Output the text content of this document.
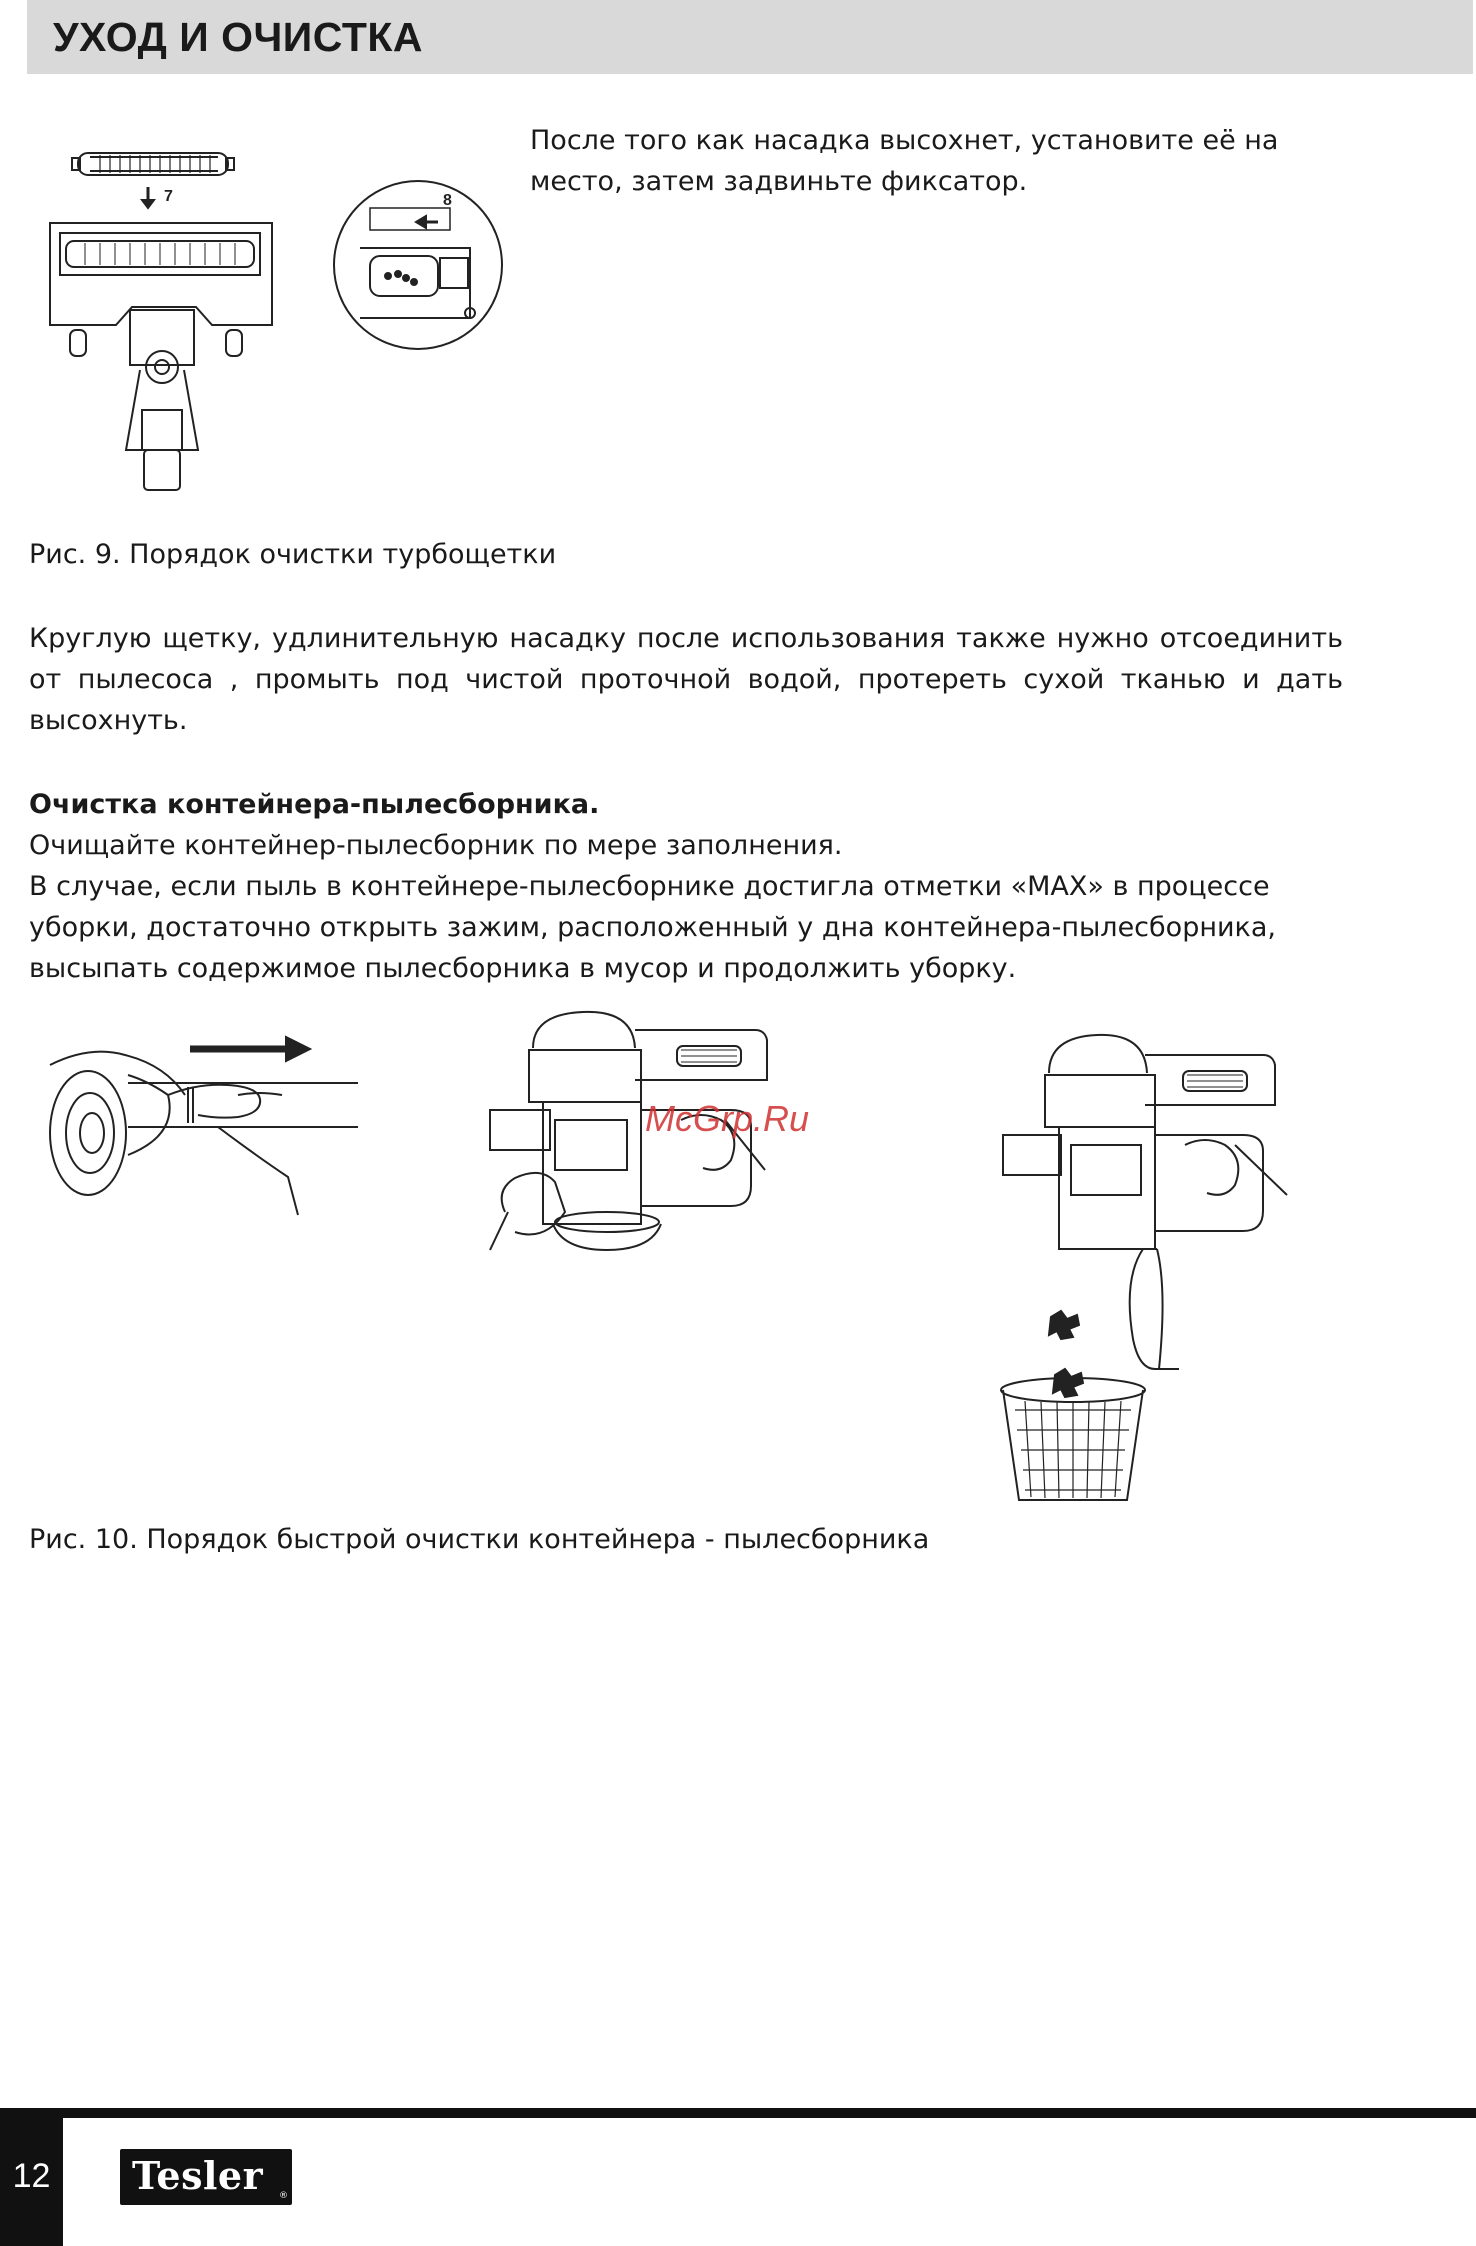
УХОД И ОЧИСТКА
7	8
После того как насадка высохнет, установите её на
место, затем задвиньте фиксатор.
Рис. 9. Порядок очистки турбощетки
Круглую щетку, удлинительную насадку после использования также нужно отсоединить
от пылесоса , промыть под чистой проточной водой, протереть сухой тканью и дать
высохнуть.
Очистка контейнера-пылесборника.
Очищайте контейнер-пылесборник по мере заполнения.
В случае, если пыль в контейнере-пылесборнике достигла отметки «MAX» в процессе
уборки, достаточно открыть зажим, расположенный у дна контейнера-пылесборника,
высыпать содержимое пылесборника в мусор и продолжить уборку.
McGrp.Ru
Рис. 10. Порядок быстрой очистки контейнера - пылесборника
12	Tesler ®
